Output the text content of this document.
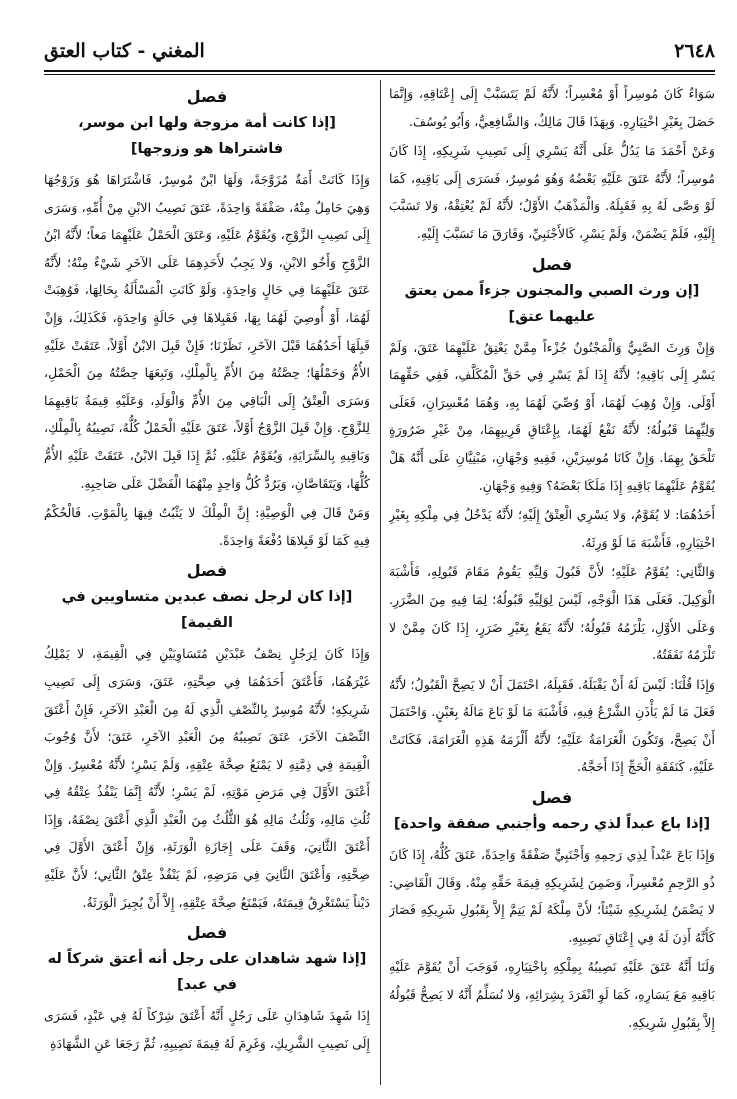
٢٦٤٨
المغني - كتاب العتق
سَوَاءٌ كَانَ مُوسِراً أَوْ مُعْسِراً؛ لأَنَّهُ لَمْ يَتَسَبَّبْ إِلَى إِعْتَاقِهِ، وَإِنَّمَا حَصَلَ بِغَيْرِ اخْتِيَارِهِ. وَبِهَذَا قَالَ مَالِكٌ، وَالشَّافِعِيُّ، وَأَبُو يُوسُفَ.
وَعَنْ أَحْمَدَ مَا يَدُلُّ عَلَى أَنَّهُ يَسْرِي إِلَى نَصِيبِ شَرِيكِهِ، إِذَا كَانَ مُوسِراً؛ لأَنَّهُ عَتَقَ عَلَيْهِ بَعْضُهُ وَهُوَ مُوسِرٌ، فَسَرَى إِلَى بَاقِيهِ، كَمَا لَوْ وَصَّى لَهُ بِهِ فَقَبِلَهُ. وَالْمَذْهَبُ الأَوَّلُ؛ لأَنَّهُ لَمْ يُعْتِقْهُ، وَلا تَسَبَّبَ إِلَيْهِ، فَلَمْ يَضْمَنْ، وَلَمْ يَسْرِ، كَالأَجْنَبِيِّ، وَفَارَقَ مَا تَسَبَّبَ إِلَيْهِ.
فصل
[إن ورث الصبي والمجنون جزءاً ممن يعتق عليهما عتق]
وَإِنْ وَرِثَ الصَّبِيُّ وَالْمَجْنُونُ جُزْءاً مِمَّنْ يَعْتِقُ عَلَيْهِمَا عَتَقَ، وَلَمْ يَسْرِ إِلَى بَاقِيهِ؛ لأَنَّهُ إِذَا لَمْ يَسْرِ فِي حَقِّ الْمُكَلَّفِ، فَفِي حَقِّهِمَا أَوْلَى. وَإِنْ وُهِبَ لَهُمَا، أَوْ وُصِّيَ لَهُمَا بِهِ، وَهُمَا مُعْسِرَانِ، فَعَلَى وَلِيِّهِمَا قَبُولُهُ؛ لأَنَّهُ نَفْعٌ لَهُمَا، بِإِعْتَاقِ قَرِيبِهِمَا، مِنْ غَيْرِ ضَرُورَةٍ تَلْحَقُ بِهِمَا. وَإِنْ كَانَا مُوسِرَيْنِ، فَفِيهِ وَجْهَانِ، مَبْنِيَّانِ عَلَى أَنَّهُ هَلْ يُقَوَّمُ عَلَيْهِمَا بَاقِيهِ إِذَا مَلَكَا بَعْضَهُ؟ وَفِيهِ وَجْهَانِ.
أَحَدُهُمَا: لا يُقَوَّمُ، وَلا يَسْرِي الْعِتْقُ إِلَيْهِ؛ لأَنَّهُ يَدْخُلُ فِي مِلْكِهِ بِغَيْرِ اخْتِيَارِهِ، فَأَشْبَهَ مَا لَوْ وَرِثَهُ.
وَالثَّانِي: يُقَوَّمُ عَلَيْهِ؛ لأَنَّ قَبُولَ وَلِيِّهِ يَقُومُ مَقَامَ قَبُولِهِ، فَأَشْبَهَ الْوَكِيلَ. فَعَلَى هَذَا الْوَجْهِ، لَيْسَ لِوَلِيِّهِ قَبُولُهُ؛ لِمَا فِيهِ مِنَ الضَّرَرِ. وَعَلَى الأَوَّلِ، يَلْزَمُهُ قَبُولُهُ؛ لأَنَّهُ يَقَعُ بِغَيْرِ ضَرَرٍ، إِذَا كَانَ مِمَّنْ لا تَلْزَمُهُ نَفَقَتُهُ.
وَإِذَا قُلْنَا: لَيْسَ لَهُ أَنْ يَقْبَلَهُ. فَقَبِلَهُ، احْتَمَلَ أَنْ لا يَصِحَّ الْقَبُولُ؛ لأَنَّهُ فَعَلَ مَا لَمْ يَأْذَنِ الشَّرْعُ فِيهِ، فَأَشْبَهَ مَا لَوْ بَاعَ مَالَهُ بِغَبْنٍ. وَاحْتَمَلَ أَنْ يَصِحَّ، وَتَكُونَ الْغَرَامَةُ عَلَيْهِ؛ لأَنَّهُ أَلْزَمَهُ هَذِهِ الْغَرَامَةَ، فَكَانَتْ عَلَيْهِ، كَنَفَقَةِ الْحَجِّ إِذَا أَحَجَّهُ.
فصل
[إذا باع عبداً لذي رحمه وأجنبي صفقة واحدة]
وَإِذَا بَاعَ عَبْداً لِذِي رَحِمِهِ وَأَجْنَبِيٍّ صَفْقَةً وَاحِدَةً، عَتَقَ كُلُّهُ، إِذَا كَانَ ذُو الرَّحِمِ مُعْسِراً، وَضَمِنَ لِشَرِيكِهِ قِيمَةَ حَقِّهِ مِنْهُ. وَقَالَ الْقَاضِي: لا يَضْمَنُ لِشَرِيكِهِ شَيْئاً؛ لأَنَّ مِلْكَهُ لَمْ يَتِمَّ إِلاَّ بِقَبُولِ شَرِيكِهِ فَصَارَ كَأَنَّهُ أَذِنَ لَهُ فِي إِعْتَاقِ نَصِيبِهِ.
وَلَنَا أَنَّهُ عَتَقَ عَلَيْهِ نَصِيبُهُ بِمِلْكِهِ بِاخْتِيَارِهِ، فَوَجَبَ أَنْ يُقَوَّمَ عَلَيْهِ بَاقِيهِ مَعَ يَسَارِهِ، كَمَا لَوِ انْفَرَدَ بِشِرَائِهِ، وَلا نُسَلِّمُ أَنَّهُ لا يَصِحُّ قَبُولُهُ إِلاَّ بِقَبُولِ شَرِيكِهِ.
فصل
[إذا كانت أمة مزوجة ولها ابن موسر، فاشتراها هو وزوجها]
وَإِذَا كَانَتْ أَمَةٌ مُزَوَّجَةً، وَلَهَا ابْنٌ مُوسِرٌ، فَاشْتَرَاهَا هُوَ وَزَوْجُهَا وَهِيَ حَامِلٌ مِنْهُ، صَفْقَةً وَاحِدَةً، عَتَقَ نَصِيبُ الابْنِ مِنْ أُمِّهِ، وَسَرَى إِلَى نَصِيبِ الزَّوْجِ، وَيُقَوَّمُ عَلَيْهِ، وَعَتَقَ الْحَمْلُ عَلَيْهِمَا مَعاً؛ لأَنَّهُ ابْنُ الزَّوْجِ وَأَخُو الابْنِ، وَلا يَجِبُ لأَحَدِهِمَا عَلَى الآخَرِ شَيْءٌ مِنْهُ؛ لأَنَّهُ عَتَقَ عَلَيْهِمَا فِي حَالٍ وَاحِدَةٍ. وَلَوْ كَانَتِ الْمَسْأَلَةُ بِحَالِهَا، فَوُهِبَتْ لَهُمَا، أَوْ أُوصِيَ لَهُمَا بِهَا، فَقَبِلاهَا فِي حَالَةٍ وَاحِدَةٍ، فَكَذَلِكَ، وَإِنْ قَبِلَهَا أَحَدُهُمَا قَبْلَ الآخَرِ، نَظَرْنَا؛ فَإِنْ قَبِلَ الابْنُ أَوَّلاً، عَتَقَتْ عَلَيْهِ الأُمُّ وَحَمْلُهَا؛ حِصَّتُهُ مِنَ الأُمِّ بِالْمِلْكِ، وَتَبِعَهَا حِصَّتُهُ مِنَ الْحَمْلِ، وَسَرَى الْعِتْقُ إِلَى الْبَاقِي مِنَ الأُمِّ وَالْوَلَدِ، وَعَلَيْهِ قِيمَةُ بَاقِيهِمَا لِلزَّوْجِ. وَإِنْ قَبِلَ الزَّوْجُ أَوَّلاً، عَتَقَ عَلَيْهِ الْحَمْلُ كُلُّهُ، نَصِيبُهُ بِالْمِلْكِ، وَبَاقِيهِ بِالسِّرَايَةِ، وَيُقَوَّمُ عَلَيْهِ. ثُمَّ إِذَا قَبِلَ الابْنُ، عَتَقَتْ عَلَيْهِ الأُمُّ كُلُّهَا، وَيَتَقَاصَّانِ، وَيَرُدُّ كُلُّ وَاحِدٍ مِنْهُمَا الْفَضْلَ عَلَى صَاحِبِهِ.
وَمَنْ قَالَ فِي الْوَصِيَّةِ: إِنَّ الْمِلْكَ لا يَثْبُتُ فِيهَا بِالْمَوْتِ. فَالْحُكْمُ فِيهِ كَمَا لَوْ قَبِلاهَا دُفْعَةً وَاحِدَةً.
فصل
[إذا كان لرجل نصف عبدين متساويين في القيمة]
وَإِذَا كَانَ لِرَجُلٍ نِصْفُ عَبْدَيْنِ مُتَسَاوِيَيْنِ فِي الْقِيمَةِ، لا يَمْلِكُ غَيْرَهُمَا، فَأَعْتَقَ أَحَدَهُمَا فِي صِحَّتِهِ، عَتَقَ، وَسَرَى إِلَى نَصِيبِ شَرِيكِهِ؛ لأَنَّهُ مُوسِرٌ بِالنِّصْفِ الَّذِي لَهُ مِنَ الْعَبْدِ الآخَرِ، فَإِنْ أَعْتَقَ النِّصْفَ الآخَرَ، عَتَقَ نَصِيبُهُ مِنَ الْعَبْدِ الآخَرِ، عَتَقَ؛ لأَنَّ وُجُوبَ الْقِيمَةِ فِي ذِمَّتِهِ لا يَمْنَعُ صِحَّةَ عِتْقِهِ، وَلَمْ يَسْرِ؛ لأَنَّهُ مُعْسِرٌ. وَإِنْ أَعْتَقَ الأَوَّلَ فِي مَرَضِ مَوْتِهِ، لَمْ يَسْرِ؛ لأَنَّهُ إِنَّمَا يَنْفُذُ عِتْقُهُ فِي ثُلُثِ مَالِهِ، وَثُلُثُ مَالِهِ هُوَ الثُّلُثُ مِنَ الْعَبْدِ الَّذِي أَعْتَقَ نِصْفَهُ، وَإِذَا أَعْتَقَ الثَّانِيَ، وَقَفَ عَلَى إِجَازَةِ الْوَرَثَةِ، وَإِنْ أَعْتَقَ الأَوَّلَ فِي صِحَّتِهِ، وَأَعْتَقَ الثَّانِيَ فِي مَرَضِهِ، لَمْ يَنْفُذْ عِتْقُ الثَّانِي؛ لأَنَّ عَلَيْهِ دَيْناً يَسْتَغْرِقُ قِيمَتَهُ، فَيَمْنَعُ صِحَّةَ عِتْقِهِ، إِلاَّ أَنْ يُجِيزَ الْوَرَثَةُ.
فصل
[إذا شهد شاهدان على رجل أنه أعتق شركاً له في عبد]
إِذَا شَهِدَ شَاهِدَانِ عَلَى رَجُلٍ أَنَّهُ أَعْتَقَ شِرْكاً لَهُ فِي عَبْدٍ، فَسَرَى إِلَى نَصِيبِ الشَّرِيكِ، وَغَرِمَ لَهُ قِيمَةَ نَصِيبِهِ، ثُمَّ رَجَعَا عَنِ الشَّهَادَةِ
